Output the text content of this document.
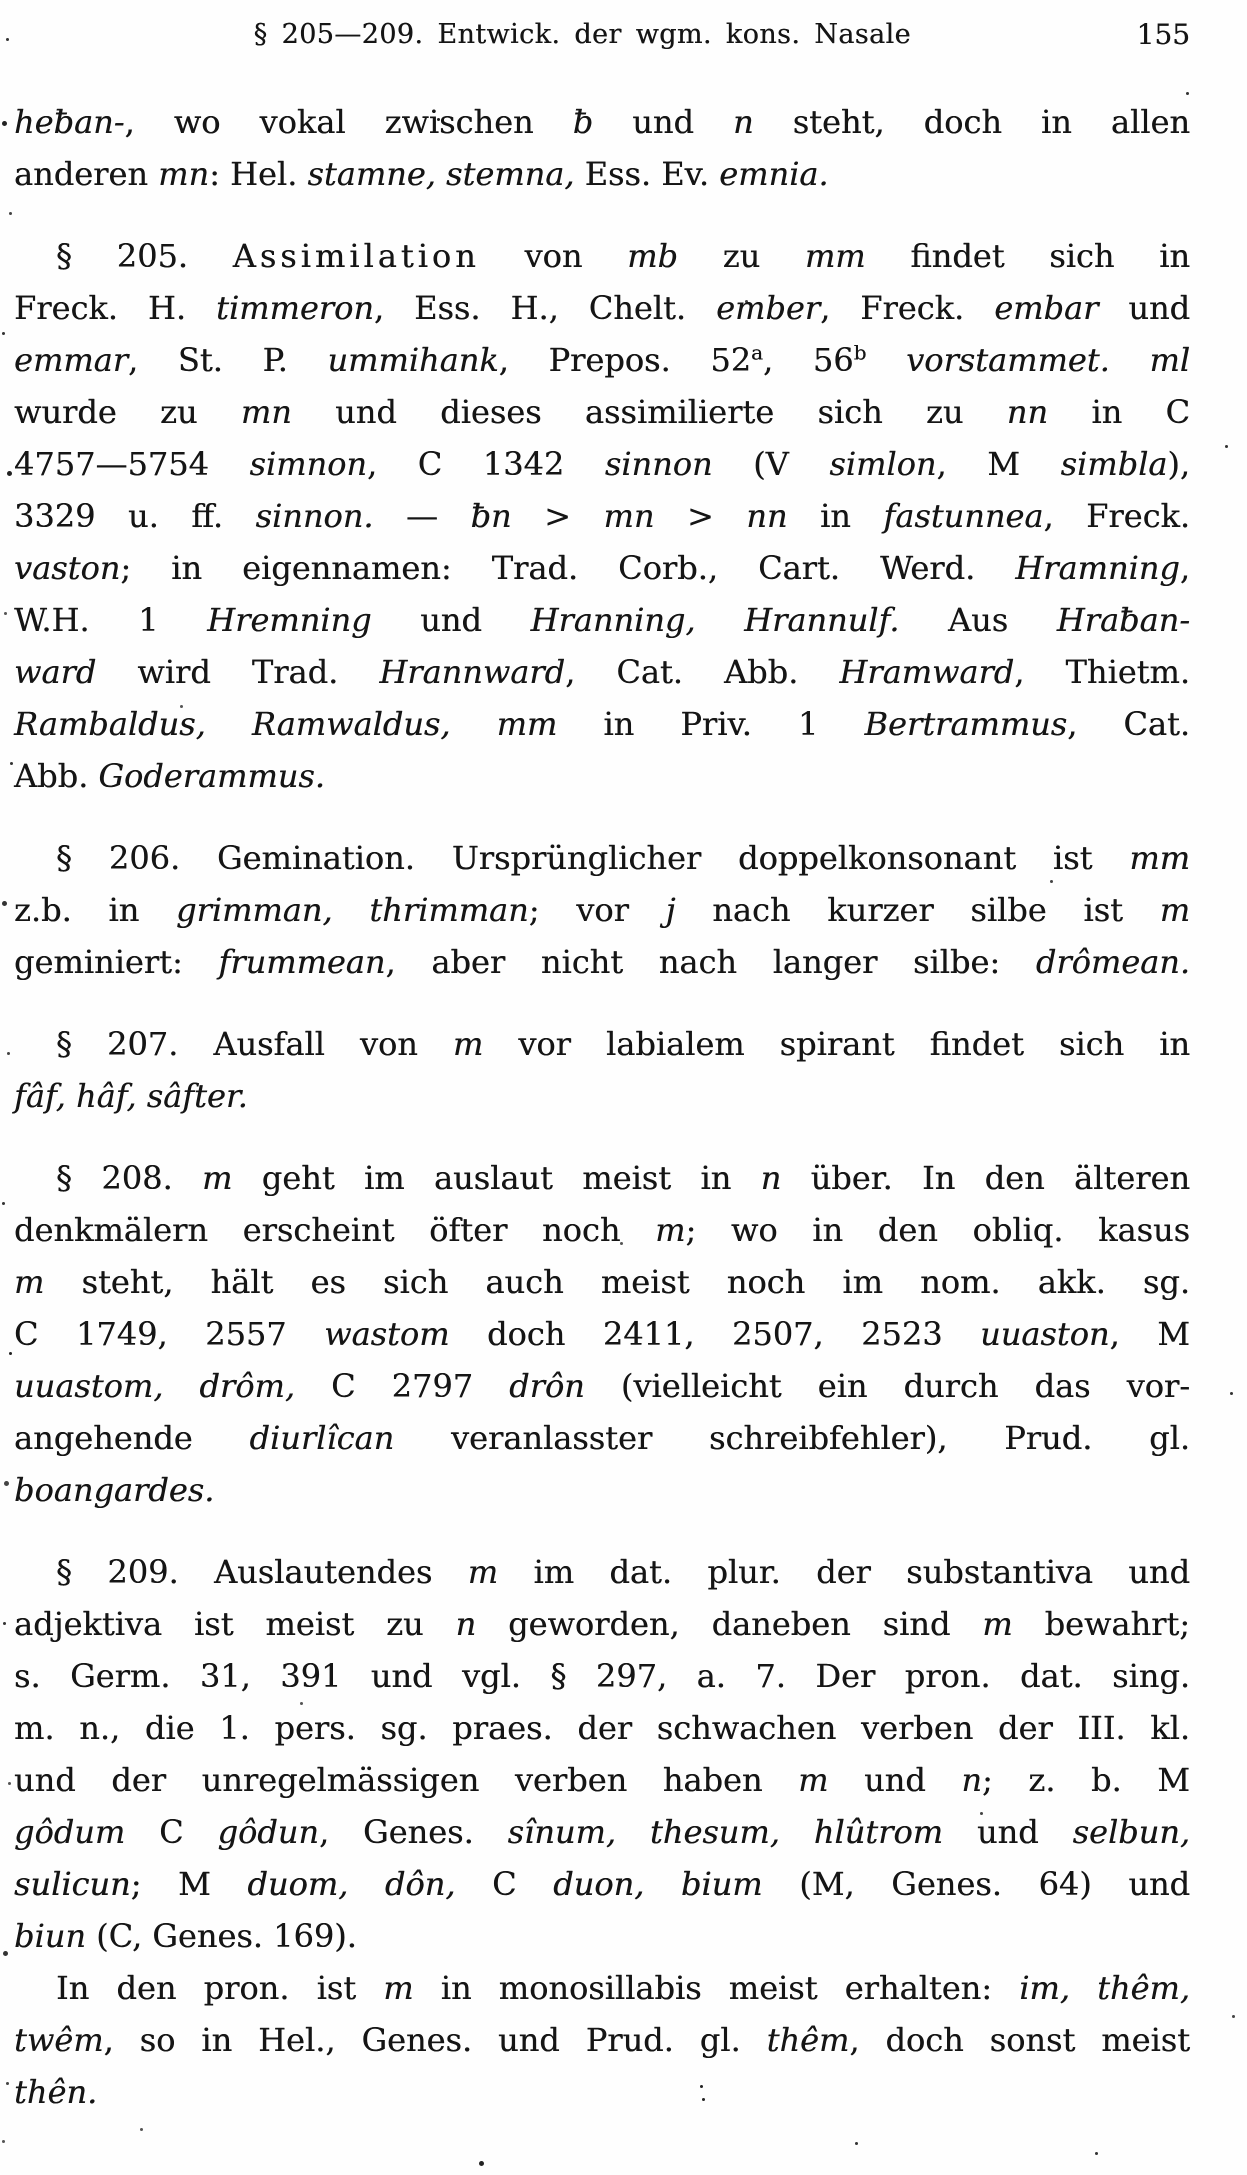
§ 205—209. Entwick. der wgm. kons. Nasale	155
heƀan-, wo vokal zwischen ƀ und n steht, doch in allen
anderen mn: Hel. stamne, stemna, Ess. Ev. emnia.
§ 205. Assimilation von mb zu mm findet sich in
Freck. H. timmeron, Ess. H., Chelt. ember, Freck. embar und
emmar, St. P. ummihank, Prepos. 52$^a$, 56$^b$ vorstammet. ml
wurde zu mn und dieses assimilierte sich zu nn in C
4757—5754 simnon, C 1342 sinnon (V simlon, M simbla),
3329 u. ff. sinnon. — ƀn > mn > nn in fastunnea, Freck.
vaston; in eigennamen: Trad. Corb., Cart. Werd. Hramning,
W.H. 1 Hremning und Hranning, Hrannulf. Aus Hraƀan-
ward wird Trad. Hrannward, Cat. Abb. Hramward, Thietm.
Rambaldus, Ramwaldus, mm in Priv. 1 Bertrammus, Cat.
Abb. Goderammus.
§ 206. Gemination. Ursprünglicher doppelkonsonant ist mm
z.b. in grimman, thrimman; vor j nach kurzer silbe ist m
geminiert: frummean, aber nicht nach langer silbe: drômean.
§ 207. Ausfall von m vor labialem spirant findet sich in
fâf, hâf, sâfter.
§ 208. m geht im auslaut meist in n über. In den älteren
denkmälern erscheint öfter noch m; wo in den obliq. kasus
m steht, hält es sich auch meist noch im nom. akk. sg.
C 1749, 2557 wastom doch 2411, 2507, 2523 uuaston, M
uuastom, drôm, C 2797 drôn (vielleicht ein durch das vor-
angehende diurlîcan veranlasster schreibfehler), Prud. gl.
boangardes.
§ 209. Auslautendes m im dat. plur. der substantiva und
adjektiva ist meist zu n geworden, daneben sind m bewahrt;
s. Germ. 31, 391 und vgl. § 297, a. 7. Der pron. dat. sing.
m. n., die 1. pers. sg. praes. der schwachen verben der III. kl.
und der unregelmässigen verben haben m und n; z. b. M
gôdum C gôdun, Genes. sînum, thesum, hlûtrom und selbun,
sulicun; M duom, dôn, C duon, bium (M, Genes. 64) und
biun (C, Genes. 169).
In den pron. ist m in monosillabis meist erhalten: im, thêm,
twêm, so in Hel., Genes. und Prud. gl. thêm, doch sonst meist
thên.
